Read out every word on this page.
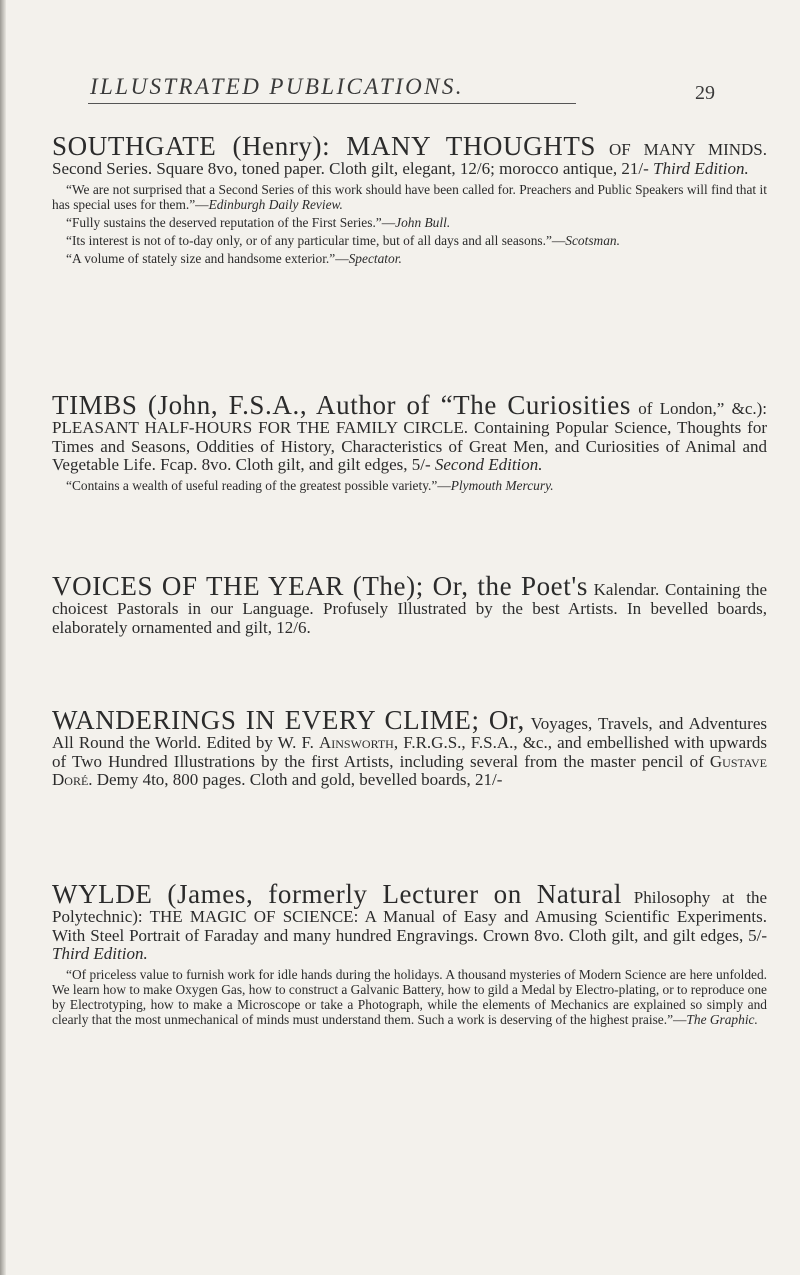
ILLUSTRATED PUBLICATIONS.	29

SOUTHGATE (Henry): MANY THOUGHTS OF MANY MINDS. Second Series. Square 8vo, toned paper. Cloth gilt, elegant, 12/6; morocco antique, 21/- Third Edition.

“We are not surprised that a Second Series of this work should have been called for. Preachers and Public Speakers will find that it has special uses for them.”—Edinburgh Daily Review.

“Fully sustains the deserved reputation of the First Series.”—John Bull.

“Its interest is not of to-day only, or of any particular time, but of all days and all seasons.”—Scotsman.

“A volume of stately size and handsome exterior.”—Spectator.

TIMBS (John, F.S.A., Author of “The Curiosities of London,” &c.): PLEASANT HALF-HOURS FOR THE FAMILY CIRCLE. Containing Popular Science, Thoughts for Times and Seasons, Oddities of History, Characteristics of Great Men, and Curiosities of Animal and Vegetable Life. Fcap. 8vo. Cloth gilt, and gilt edges, 5/- Second Edition.

“Contains a wealth of useful reading of the greatest possible variety.”—Plymouth Mercury.

VOICES OF THE YEAR (The); Or, the Poet's Kalendar. Containing the choicest Pastorals in our Language. Profusely Illustrated by the best Artists. In bevelled boards, elaborately ornamented and gilt, 12/6.

WANDERINGS IN EVERY CLIME; Or, Voyages, Travels, and Adventures All Round the World. Edited by W. F. Ainsworth, F.R.G.S., F.S.A., &c., and embellished with upwards of Two Hundred Illustrations by the first Artists, including several from the master pencil of Gustave Doré. Demy 4to, 800 pages. Cloth and gold, bevelled boards, 21/-

WYLDE (James, formerly Lecturer on Natural Philosophy at the Polytechnic): THE MAGIC OF SCIENCE: A Manual of Easy and Amusing Scientific Experiments. With Steel Portrait of Faraday and many hundred Engravings. Crown 8vo. Cloth gilt, and gilt edges, 5/- Third Edition.

“Of priceless value to furnish work for idle hands during the holidays. A thousand mysteries of Modern Science are here unfolded. We learn how to make Oxygen Gas, how to construct a Galvanic Battery, how to gild a Medal by Electro-plating, or to reproduce one by Electrotyping, how to make a Microscope or take a Photograph, while the elements of Mechanics are explained so simply and clearly that the most unmechanical of minds must understand them. Such a work is deserving of the highest praise.”—The Graphic.
